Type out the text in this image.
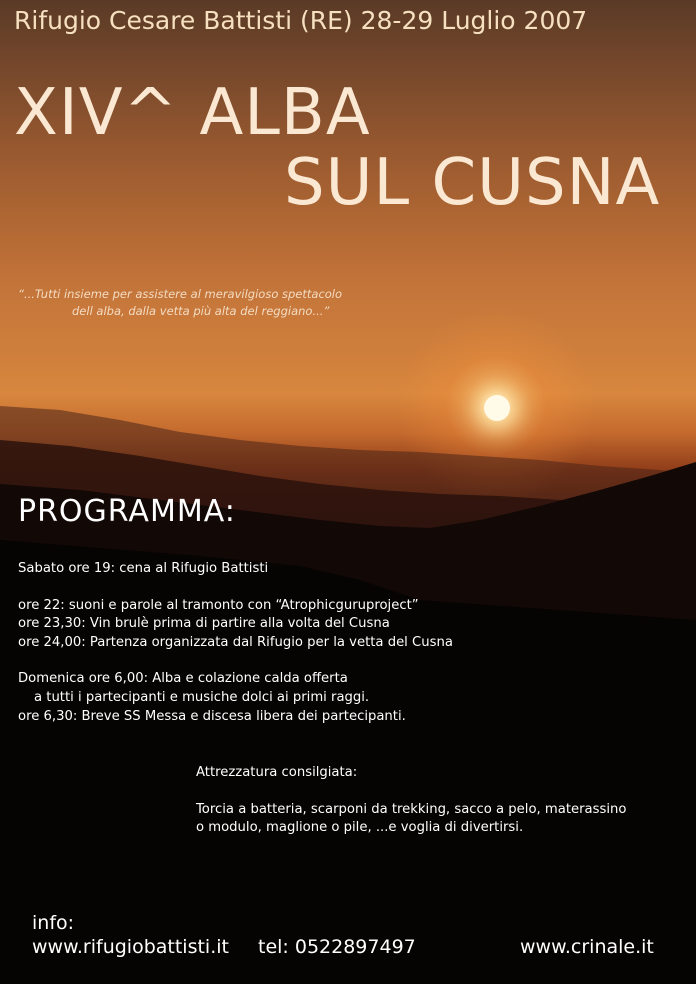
Rifugio Cesare Battisti (RE) 28-29 Luglio 2007
XIV^ ALBA
SUL CUSNA
“...Tutti insieme per assistere al meravilgioso spettacolo
dell alba, dalla vetta più alta del reggiano...”
PROGRAMMA:
Sabato ore 19: cena al Rifugio Battisti
ore 22: suoni e parole al tramonto con “Atrophicguruproject”
ore 23,30: Vin brulè prima di partire alla volta del Cusna
ore 24,00: Partenza organizzata dal Rifugio per la vetta del Cusna
Domenica ore 6,00: Alba e colazione calda offerta
a tutti i partecipanti e musiche dolci ai primi raggi.
ore 6,30: Breve SS Messa e discesa libera dei partecipanti.
Attrezzatura consilgiata:
Torcia a batteria, scarponi da trekking, sacco a pelo, materassino
o modulo, maglione o pile, ...e voglia di divertirsi.
info:
www.rifugiobattisti.it tel: 0522897497	www.crinale.it
